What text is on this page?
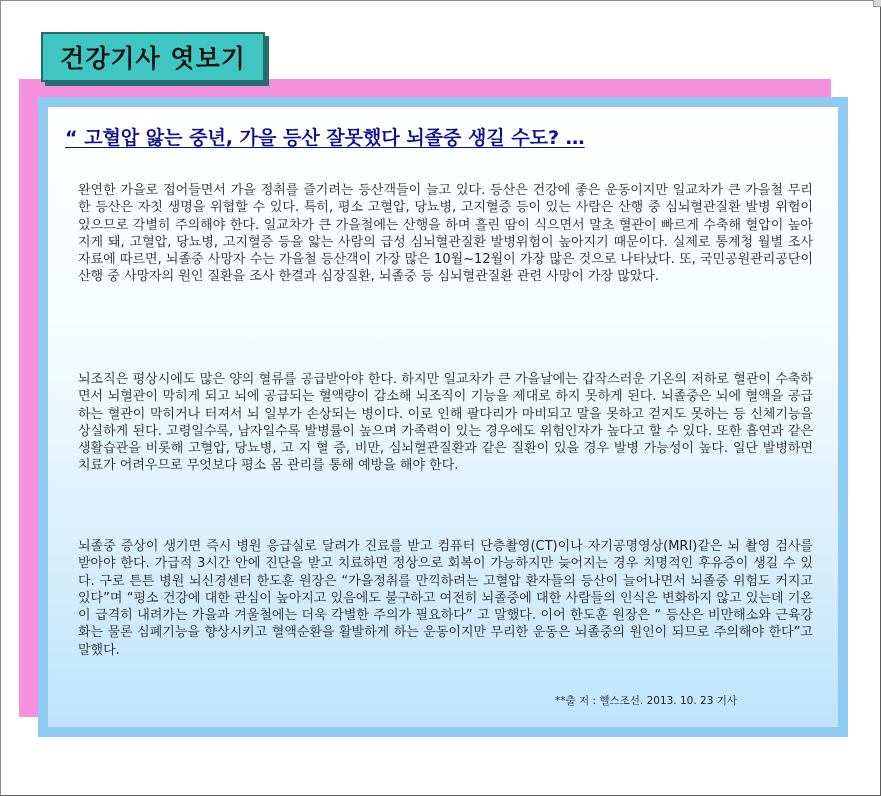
건강기사 엿보기
“ 고혈압 앓는 중년, 가을 등산 잘못했다 뇌졸중 생길 수도? …

완연한 가을로 접어들면서 가을 정취를 즐기려는 등산객들이 늘고 있다. 등산은 건강에 좋은 운동이지만 일교차가 큰 가을철 무리한 등산은 자칫 생명을 위협할 수 있다. 특히, 평소 고혈압, 당뇨병, 고지혈증 등이 있는 사람은 산행 중 심뇌혈관질환 발병 위험이 있으므로 각별히 주의해야 한다. 일교차가 큰 가을철에는 산행을 하며 흘린 땀이 식으면서 말초 혈관이 빠르게 수축해 혈압이 높아지게 돼, 고혈압, 당뇨병, 고지혈증 등을 앓는 사람의 급성 심뇌혈관질환 발병위험이 높아지기 때문이다. 실제로 통계청 월별 조사 자료에 따르면, 뇌졸중 사망자 수는 가을철 등산객이 가장 많은 10월~12월이 가장 많은 것으로 나타났다. 또, 국민공원관리공단이 산행 중 사망자의 원인 질환을 조사 한결과 심장질환, 뇌졸중 등 심뇌혈관질환 관련 사망이 가장 많았다.

뇌조직은 평상시에도 많은 양의 혈류를 공급받아야 한다. 하지만 일교차가 큰 가을날에는 갑작스러운 기온의 저하로 혈관이 수축하면서 뇌혈관이 막히게 되고 뇌에 공급되는 혈액량이 감소해 뇌조직이 기능을 제대로 하지 못하게 된다. 뇌졸중은 뇌에 혈액을 공급하는 혈관이 막히거나 터져서 뇌 일부가 손상되는 병이다. 이로 인해 팔다리가 마비되고 말을 못하고 걷지도 못하는 등 신체기능을 상실하게 된다. 고령일수록, 남자일수록 발병률이 높으며 가족력이 있는 경우에도 위험인자가 높다고 할 수 있다. 또한 흡연과 같은 생활습관을 비롯해 고혈압, 당뇨병, 고 지 혈 증, 비만, 심뇌혈관질환과 같은 질환이 있을 경우 발병 가능성이 높다. 일단 발병하면 치료가 어려우므로 무엇보다 평소 몸 관리를 통해 예방을 해야 한다.

뇌졸중 증상이 생기면 즉시 병원 응급실로 달려가 진료를 받고 컴퓨터 단층촬영(CT)이나 자기공명영상(MRI)같은 뇌 촬영 검사를 받아야 한다. 가급적 3시간 안에 진단을 받고 치료하면 정상으로 회복이 가능하지만 늦어지는 경우 치명적인 후유증이 생길 수 있다. 구로 튼튼 병원 뇌신경센터 한도훈 원장은 “가을정취를 만끽하려는 고혈압 환자들의 등산이 늘어나면서 뇌졸중 위험도 커지고 있다”며 “평소 건강에 대한 관심이 높아지고 있음에도 불구하고 여전히 뇌졸중에 대한 사람들의 인식은 변화하지 않고 있는데 기온이 급격히 내려가는 가을과 겨울철에는 더욱 각별한 주의가 필요하다” 고 말했다. 이어 한도훈 원장은 “ 등산은 비만해소와 근육강화는 물론 심폐기능을 향상시키고 혈액순환을 활발하게 하는 운동이지만 무리한 운동은 뇌졸중의 원인이 되므로 주의해야 한다”고 말했다.

**출 저 : 헬스조선. 2013. 10. 23 기사
